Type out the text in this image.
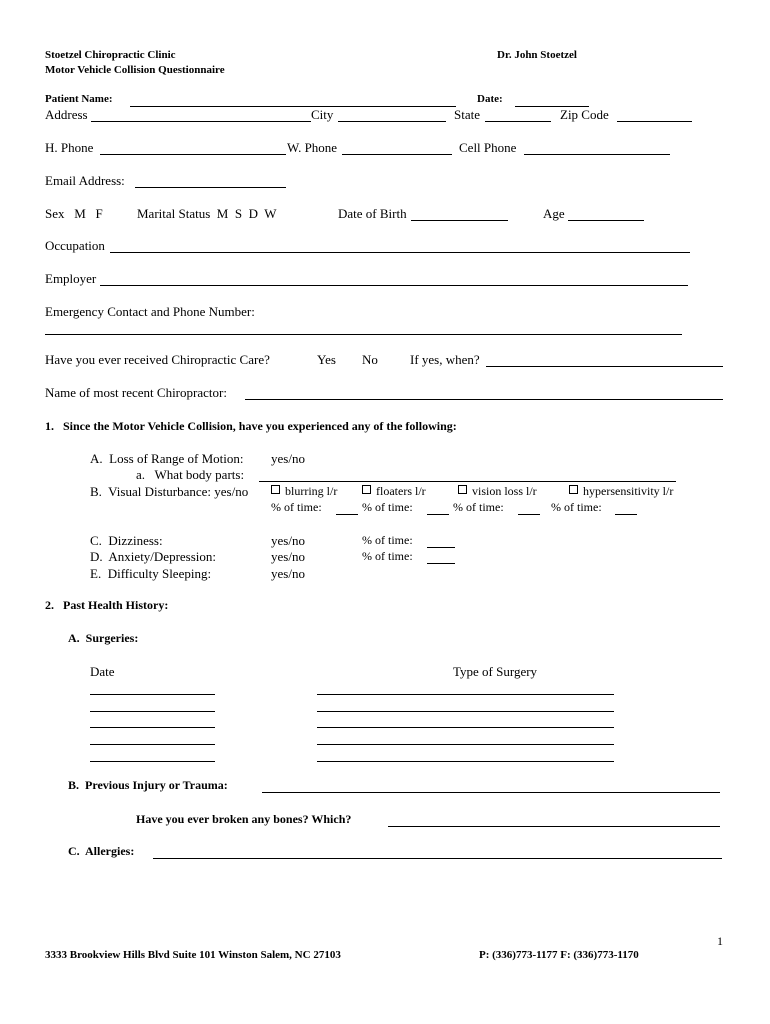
Stoetzel Chiropractic Clinic
Motor Vehicle Collision Questionnaire
Dr. John Stoetzel
Patient Name:	Date:
Address	City	State	Zip Code
H. Phone	W. Phone	Cell Phone
Email Address:
Sex   M   F	Marital Status  M  S  D  W	Date of Birth	Age
Occupation
Employer
Emergency Contact and Phone Number:
Have you ever received Chiropractic Care?	Yes No If yes, when?
Name of most recent Chiropractor:
1.   Since the Motor Vehicle Collision, have you experienced any of the following:
A.  Loss of Range of Motion: yes/no
a.   What body parts:
B.  Visual Disturbance: yes/no	blurring l/r	floaters l/r	vision loss l/r	hypersensitivity l/r
% of time:	% of time:	% of time:	% of time:
C.  Dizziness:	yes/no	% of time:
D.  Anxiety/Depression:	yes/no	% of time:
E.  Difficulty Sleeping:	yes/no
2.   Past Health History:
A.  Surgeries:
Date	Type of Surgery
B.  Previous Injury or Trauma:
Have you ever broken any bones? Which?
C.  Allergies:
1
3333 Brookview Hills Blvd Suite 101 Winston Salem, NC 27103	P: (336)773-1177 F: (336)773-1170
